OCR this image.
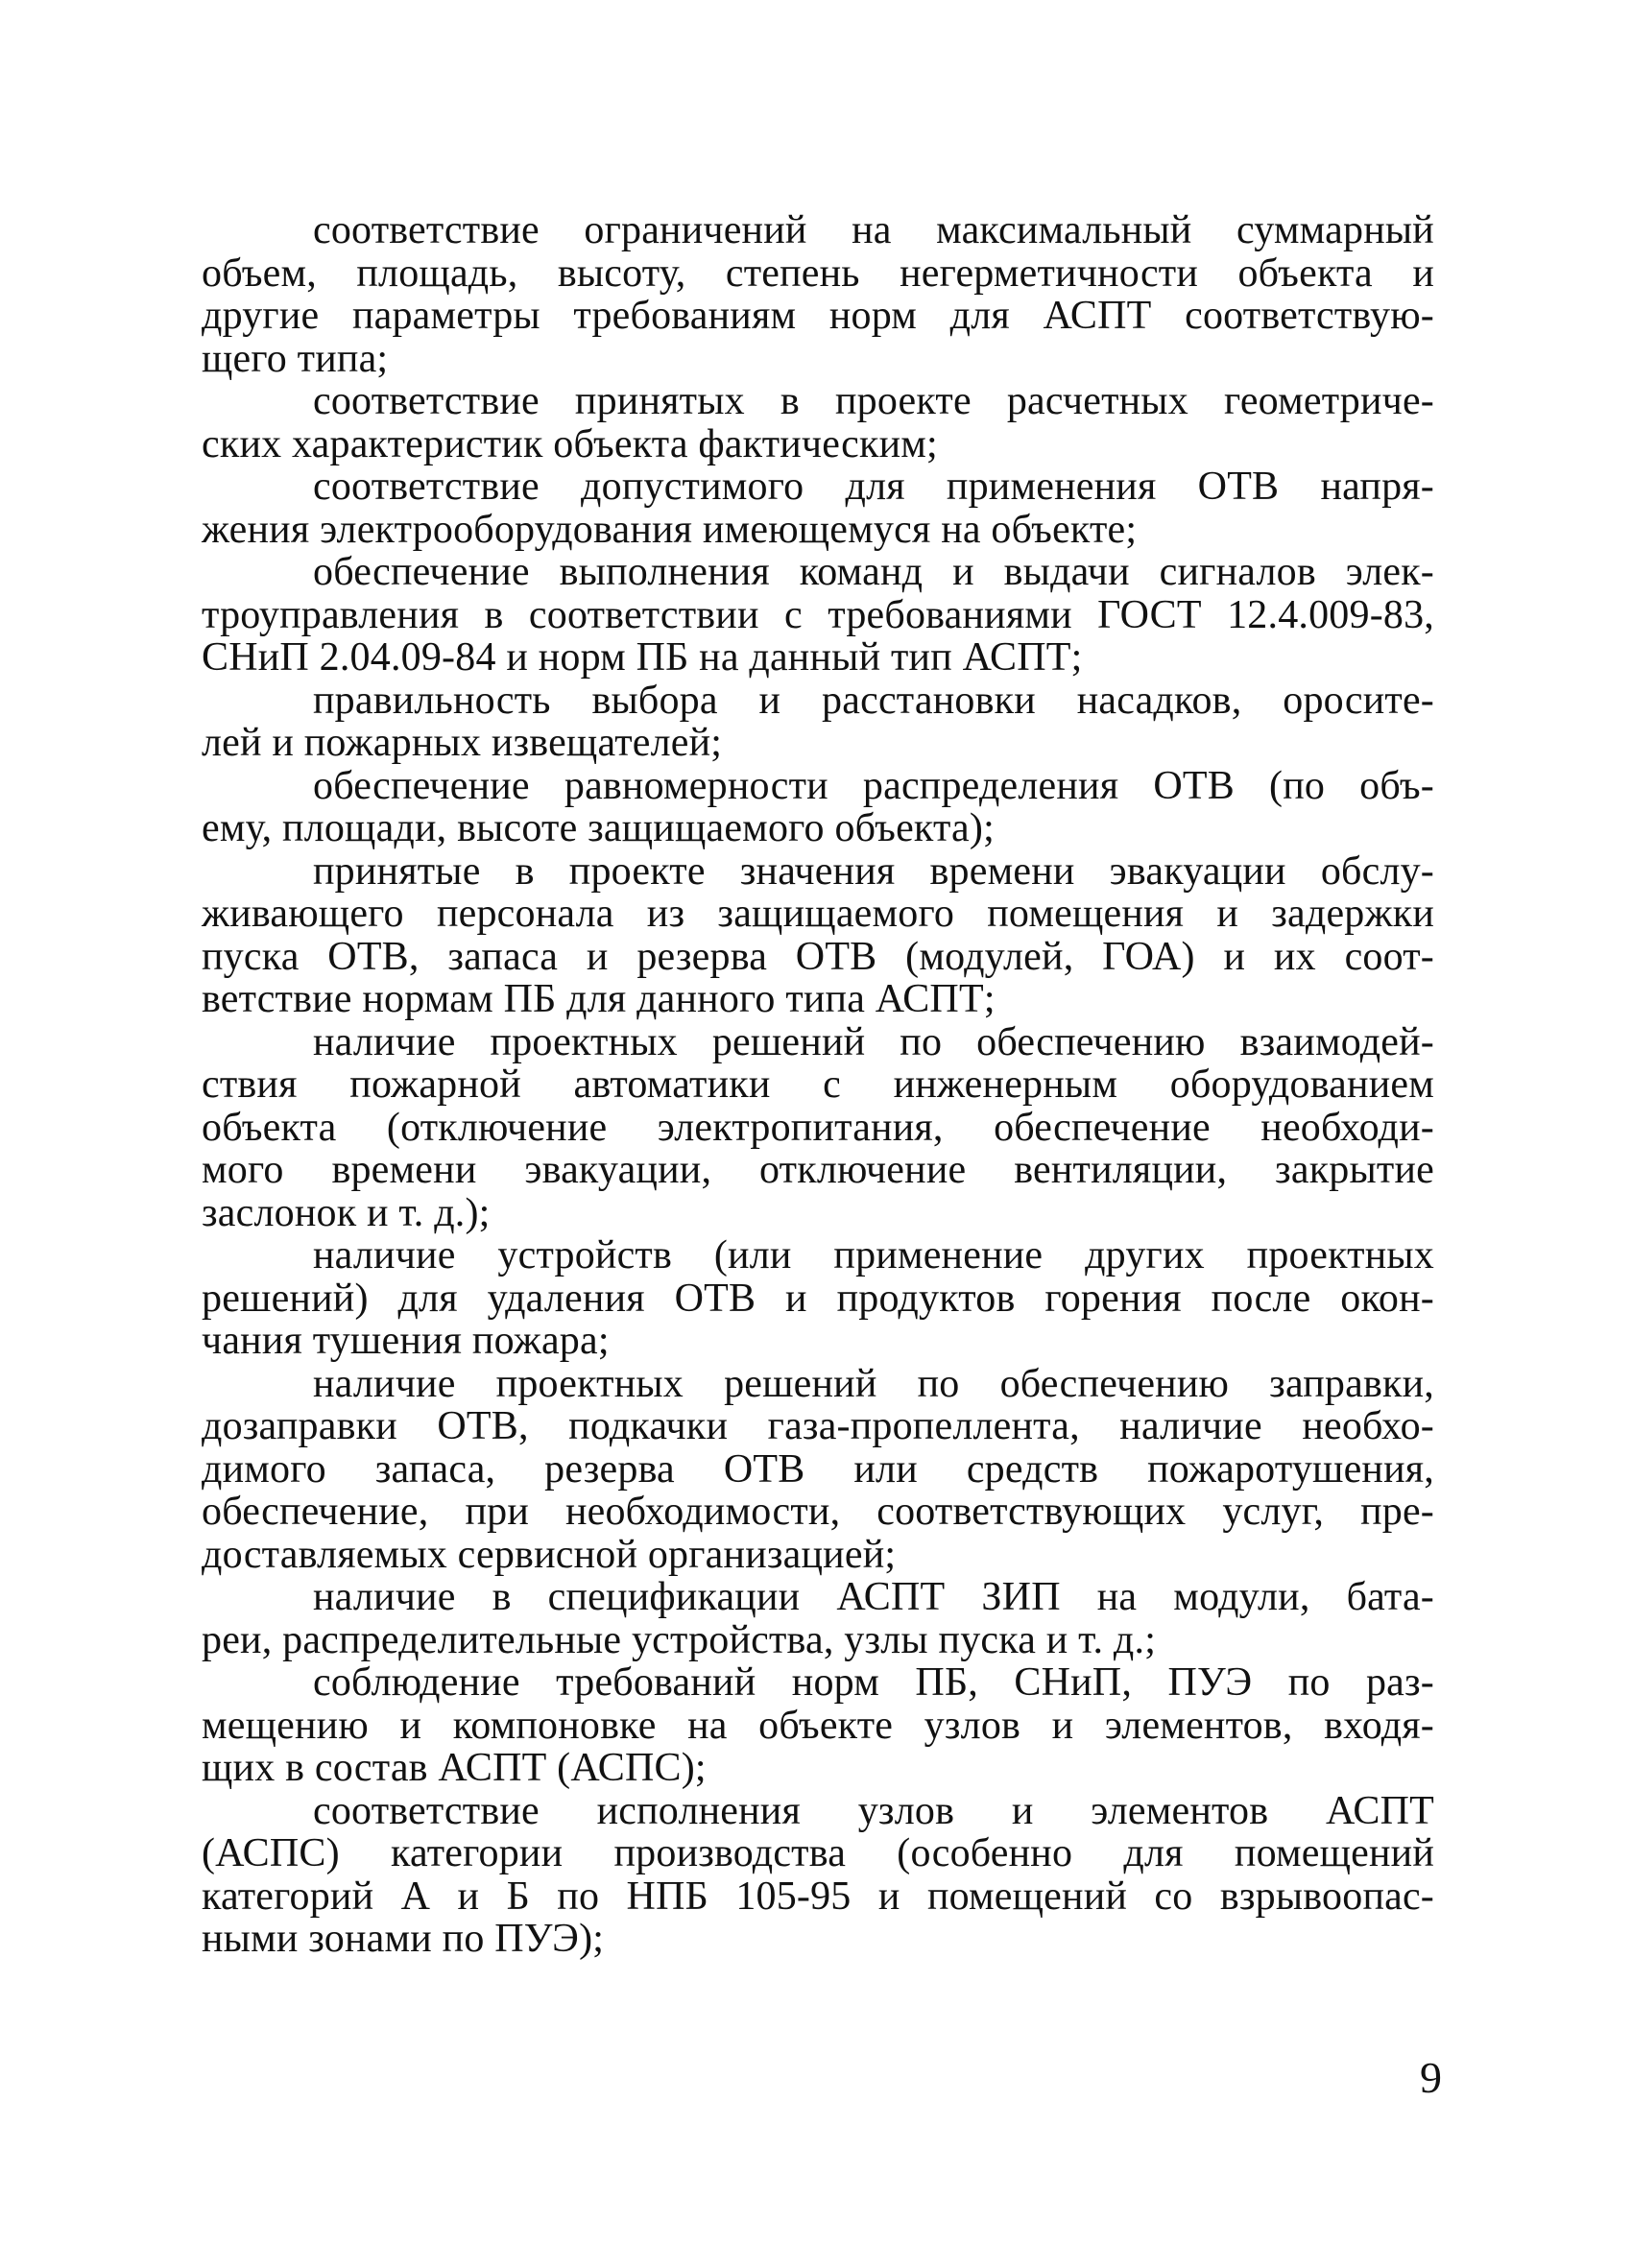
соответствие ограничений на максимальный суммарный
объем, площадь, высоту, степень негерметичности объекта и
другие параметры требованиям норм для АСПТ соответствую-
щего типа;

соответствие принятых в проекте расчетных геометриче-
ских характеристик объекта фактическим;

соответствие допустимого для применения ОТВ напря-
жения электрооборудования имеющемуся на объекте;

обеспечение выполнения команд и выдачи сигналов элек-
троуправления в соответствии с требованиями ГОСТ 12.4.009-83,
СНиП 2.04.09-84 и норм ПБ на данный тип АСПТ;

правильность выбора и расстановки насадков, оросите-
лей и пожарных извещателей;

обеспечение равномерности распределения ОТВ (по объ-
ему, площади, высоте защищаемого объекта);

принятые в проекте значения времени эвакуации обслу-
живающего персонала из защищаемого помещения и задержки
пуска ОТВ, запаса и резерва ОТВ (модулей, ГОА) и их соот-
ветствие нормам ПБ для данного типа АСПТ;

наличие проектных решений по обеспечению взаимодей-
ствия пожарной автоматики с инженерным оборудованием
объекта (отключение электропитания, обеспечение необходи-
мого времени эвакуации, отключение вентиляции, закрытие
заслонок и т. д.);

наличие устройств (или применение других проектных
решений) для удаления ОТВ и продуктов горения после окон-
чания тушения пожара;

наличие проектных решений по обеспечению заправки,
дозаправки ОТВ, подкачки газа-пропеллента, наличие необхо-
димого запаса, резерва ОТВ или средств пожаротушения,
обеспечение, при необходимости, соответствующих услуг, пре-
доставляемых сервисной организацией;

наличие в спецификации АСПТ ЗИП на модули, бата-
реи, распределительные устройства, узлы пуска и т. д.;

соблюдение требований норм ПБ, СНиП, ПУЭ по раз-
мещению и компоновке на объекте узлов и элементов, входя-
щих в состав АСПТ (АСПС);

соответствие исполнения узлов и элементов АСПТ
(АСПС) категории производства (особенно для помещений
категорий А и Б по НПБ 105-95 и помещений со взрывоопас-
ными зонами по ПУЭ);

9
